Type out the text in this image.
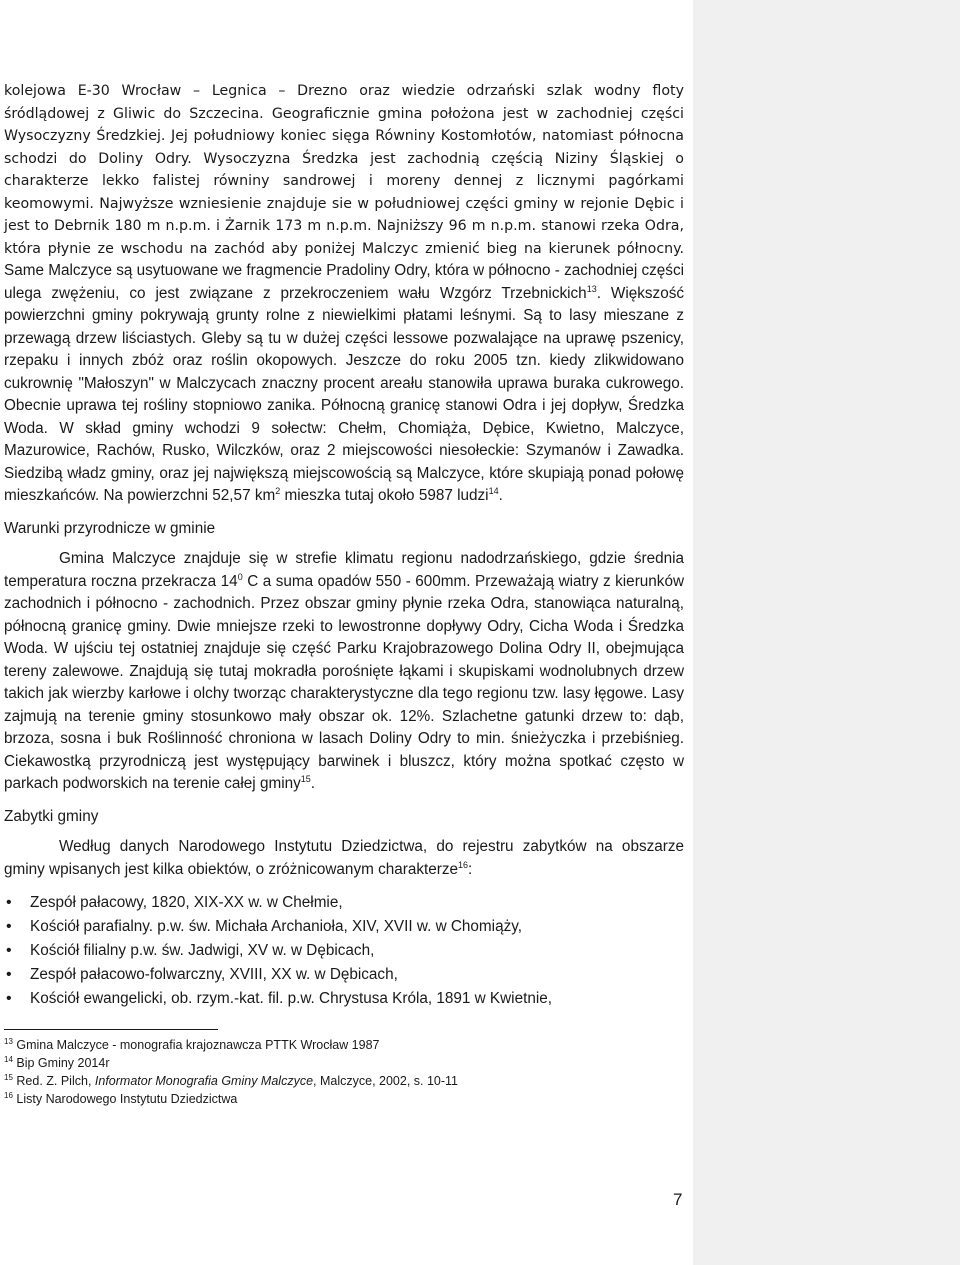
kolejowa E-30 Wrocław – Legnica – Drezno oraz wiedzie odrzański szlak wodny floty śródlądowej z Gliwic do Szczecina. Geograficznie gmina położona jest w zachodniej części Wysoczyzny Średzkiej. Jej południowy koniec sięga Równiny Kostomłotów, natomiast północna schodzi do Doliny Odry. Wysoczyzna Średzka jest zachodnią częścią Niziny Śląskiej o charakterze lekko falistej równiny sandrowej i moreny dennej z licznymi pagórkami keomowymi. Najwyższe wzniesienie znajduje sie w południowej części gminy w rejonie Dębic i jest to Debrnik 180 m n.p.m. i Żarnik 173 m n.p.m. Najniższy 96 m n.p.m. stanowi rzeka Odra, która płynie ze wschodu na zachód aby poniżej Malczyc zmienić bieg na kierunek północny. Same Malczyce są usytuowane we fragmencie Pradoliny Odry, która w północno - zachodniej części ulega zwężeniu, co jest związane z przekroczeniem wału Wzgórz Trzebnickich$^{13}$. Większość powierzchni gminy pokrywają grunty rolne z niewielkimi płatami leśnymi. Są to lasy mieszane z przewagą drzew liściastych. Gleby są tu w dużej części lessowe pozwalające na uprawę pszenicy, rzepaku i innych zbóż oraz roślin okopowych. Jeszcze do roku 2005 tzn. kiedy zlikwidowano cukrownię "Małoszyn" w Malczycach znaczny procent areału stanowiła uprawa buraka cukrowego. Obecnie uprawa tej rośliny stopniowo zanika. Północną granicę stanowi Odra i jej dopływ, Średzka Woda. W skład gminy wchodzi 9 sołectw: Chełm, Chomiąża, Dębice, Kwietno, Malczyce, Mazurowice, Rachów, Rusko, Wilczków, oraz 2 miejscowości niesołeckie: Szymanów i Zawadka. Siedzibą władz gminy, oraz jej największą miejscowością są Malczyce, które skupiają ponad połowę mieszkańców. Na powierzchni 52,57 $km^2$ mieszka tutaj około 5987 ludzi$^{14}$.

Warunki przyrodnicze w gminie

Gmina Malczyce znajduje się w strefie klimatu regionu nadodrzańskiego, gdzie średnia temperatura roczna przekracza $14^0$ C a suma opadów 550 - 600mm. Przeważają wiatry z kierunków zachodnich i północno - zachodnich. Przez obszar gminy płynie rzeka Odra, stanowiąca naturalną, północną granicę gminy. Dwie mniejsze rzeki to lewostronne dopływy Odry, Cicha Woda i Średzka Woda. W ujściu tej ostatniej znajduje się część Parku Krajobrazowego Dolina Odry II, obejmująca tereny zalewowe. Znajdują się tutaj mokradła porośnięte łąkami i skupiskami wodnolubnych drzew takich jak wierzby karłowe i olchy tworząc charakterystyczne dla tego regionu tzw. lasy łęgowe. Lasy zajmują na terenie gminy stosunkowo mały obszar ok. 12%. Szlachetne gatunki drzew to: dąb, brzoza, sosna i buk Roślinność chroniona w lasach Doliny Odry to min. śnieżyczka i przebiśnieg. Ciekawostką przyrodniczą jest występujący barwinek i bluszcz, który można spotkać często w parkach podworskich na terenie całej gminy$^{15}$.

Zabytki gminy

Według danych Narodowego Instytutu Dziedzictwa, do rejestru zabytków na obszarze gminy wpisanych jest kilka obiektów, o zróżnicowanym charakterze$^{16}$:

• Zespół pałacowy, 1820, XIX-XX w. w Chełmie,
• Kościół parafialny. p.w. św. Michała Archanioła, XIV, XVII w. w Chomiąży,
• Kościół filialny p.w. św. Jadwigi, XV w. w Dębicach,
• Zespół pałacowo-folwarczny, XVIII, XX w. w Dębicach,
• Kościół ewangelicki, ob. rzym.-kat. fil. p.w. Chrystusa Króla, 1891 w Kwietnie,
$^{13}$ Gmina Malczyce - monografia krajoznawcza PTTK Wrocław 1987
$^{14}$ Bip Gminy 2014r
$^{15}$ Red. Z. Pilch, Informator Monografia Gminy Malczyce, Malczyce, 2002, s. 10-11
$^{16}$ Listy Narodowego Instytutu Dziedzictwa
7
